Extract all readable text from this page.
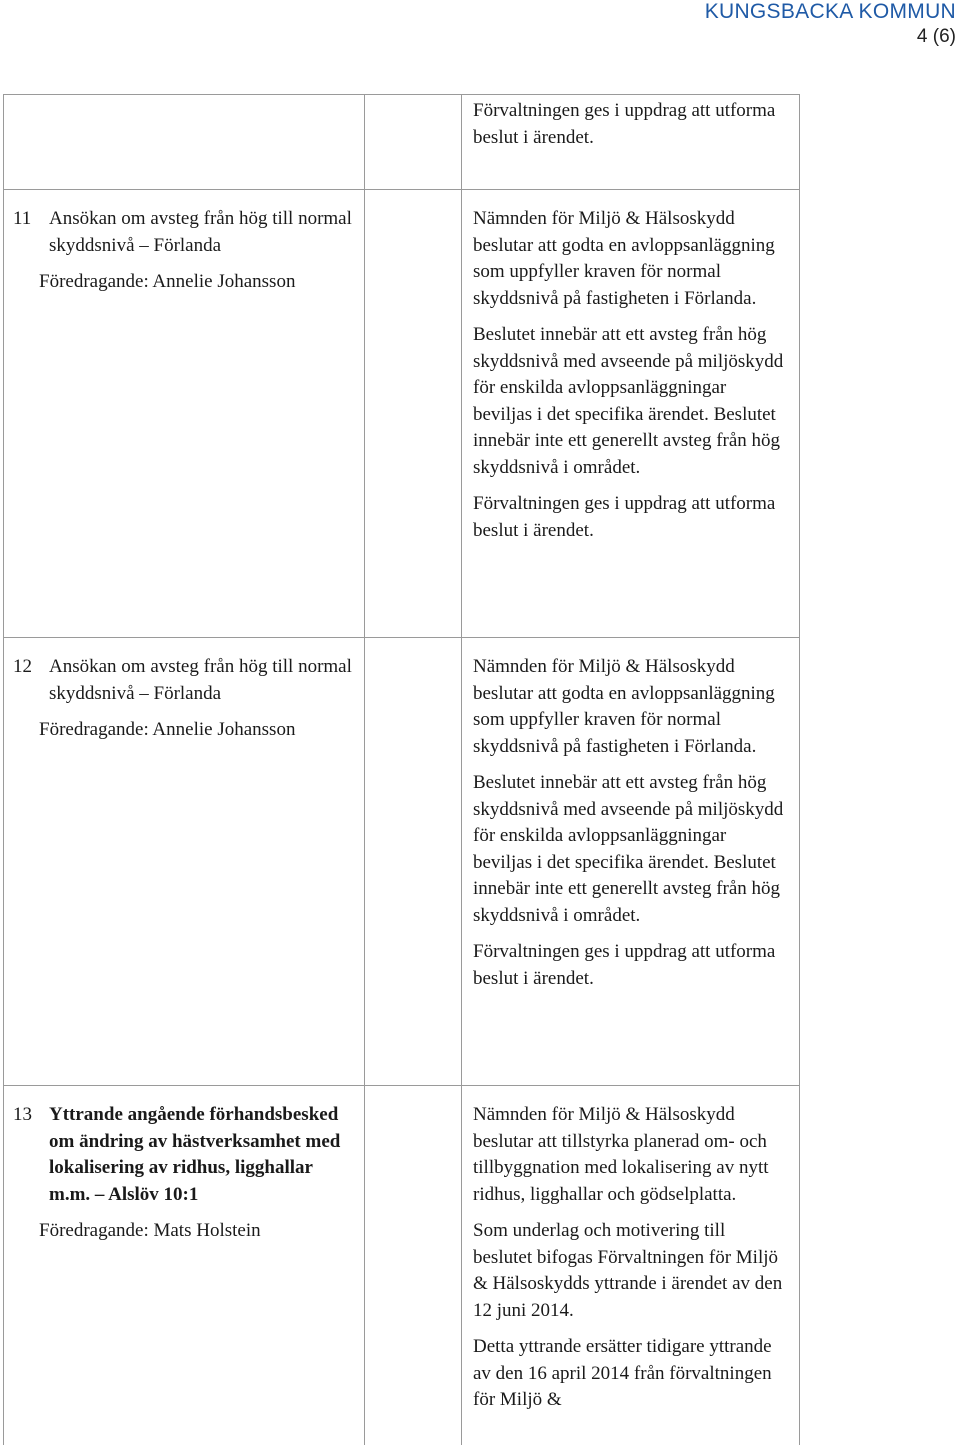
KUNGSBACKA KOMMUN
4 (6)

Förvaltningen ges i uppdrag att utforma beslut i ärendet.

11 Ansökan om avsteg från hög till normal skyddsnivå – Förlanda
Föredragande: Annelie Johansson

Nämnden för Miljö & Hälsoskydd beslutar att godta en avloppsanläggning som uppfyller kraven för normal skyddsnivå på fastigheten i Förlanda.

Beslutet innebär att ett avsteg från hög skyddsnivå med avseende på miljöskydd för enskilda avloppsanläggningar beviljas i det specifika ärendet. Beslutet innebär inte ett generellt avsteg från hög skyddsnivå i området.

Förvaltningen ges i uppdrag att utforma beslut i ärendet.

12 Ansökan om avsteg från hög till normal skyddsnivå – Förlanda
Föredragande: Annelie Johansson

Nämnden för Miljö & Hälsoskydd beslutar att godta en avloppsanläggning som uppfyller kraven för normal skyddsnivå på fastigheten i Förlanda.

Beslutet innebär att ett avsteg från hög skyddsnivå med avseende på miljöskydd för enskilda avloppsanläggningar beviljas i det specifika ärendet. Beslutet innebär inte ett generellt avsteg från hög skyddsnivå i området.

Förvaltningen ges i uppdrag att utforma beslut i ärendet.

13 Yttrande angående förhandsbesked om ändring av hästverksamhet med lokalisering av ridhus, ligghallar m.m. – Alslöv 10:1
Föredragande: Mats Holstein

Nämnden för Miljö & Hälsoskydd beslutar att tillstyrka planerad om- och tillbyggnation med lokalisering av nytt ridhus, ligghallar och gödselplatta.

Som underlag och motivering till beslutet bifogas Förvaltningen för Miljö & Hälsoskydds yttrande i ärendet av den 12 juni 2014.

Detta yttrande ersätter tidigare yttrande av den 16 april 2014 från förvaltningen för Miljö &
